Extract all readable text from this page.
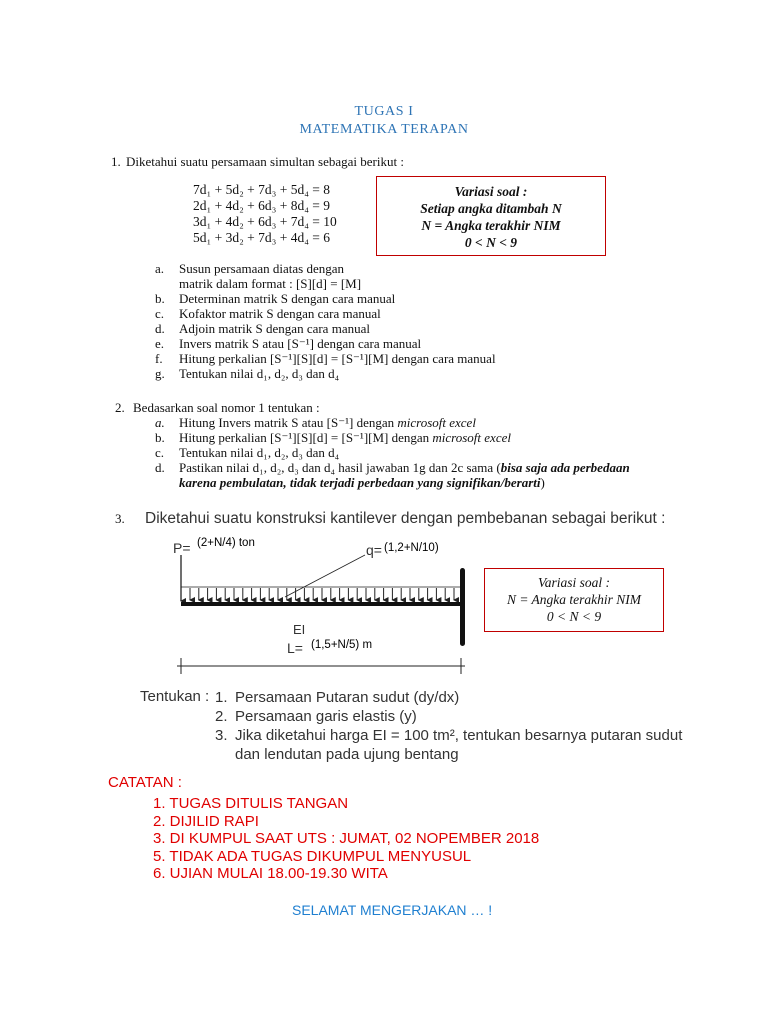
TUGAS I
MATEMATIKA TERAPAN
1. Diketahui suatu persamaan simultan sebagai berikut :
7d₁ + 5d₂ + 7d₃ + 5d₄ = 8
2d₁ + 4d₂ + 6d₃ + 8d₄ = 9
3d₁ + 4d₂ + 6d₃ + 7d₄ = 10
5d₁ + 3d₂ + 7d₃ + 4d₄ = 6
Variasi soal :
Setiap angka ditambah N
N = Angka terakhir NIM
0 < N < 9
a. Susun persamaan diatas dengan
matrik dalam format : [S][d] = [M]
b. Determinan matrik S dengan cara manual
c. Kofaktor matrik S dengan cara manual
d. Adjoin matrik S dengan cara manual
e. Invers matrik S atau [S⁻¹] dengan cara manual
f. Hitung perkalian [S⁻¹][S][d] = [S⁻¹][M] dengan cara manual
g. Tentukan nilai d₁, d₂, d₃ dan d₄
2. Bedasarkan soal nomor 1 tentukan :
a. Hitung Invers matrik S atau [S⁻¹] dengan microsoft excel
b. Hitung perkalian [S⁻¹][S][d] = [S⁻¹][M] dengan microsoft excel
c. Tentukan nilai d₁, d₂, d₃ dan d₄
d. Pastikan nilai d₁, d₂, d₃ dan d₄ hasil jawaban 1g dan 2c sama (bisa saja ada perbedaan
karena pembulatan, tidak terjadi perbedaan yang signifikan/berarti)
3. Diketahui suatu konstruksi kantilever dengan pembebanan sebagai berikut :
P= (2+N/4) ton	q= (1,2+N/10)
EI
L= (1,5+N/5) m
Variasi soal :
N = Angka terakhir NIM
0 < N < 9
Tentukan : 1. Persamaan Putaran sudut (dy/dx)
2. Persamaan garis elastis (y)
3. Jika diketahui harga EI = 100 tm², tentukan besarnya putaran sudut
dan lendutan pada ujung bentang
CATATAN :
1. TUGAS DITULIS TANGAN
2. DIJILID RAPI
3. DI KUMPUL SAAT UTS : JUMAT, 02 NOPEMBER 2018
5. TIDAK ADA TUGAS DIKUMPUL MENYUSUL
6. UJIAN MULAI 18.00-19.30 WITA
SELAMAT MENGERJAKAN … !
